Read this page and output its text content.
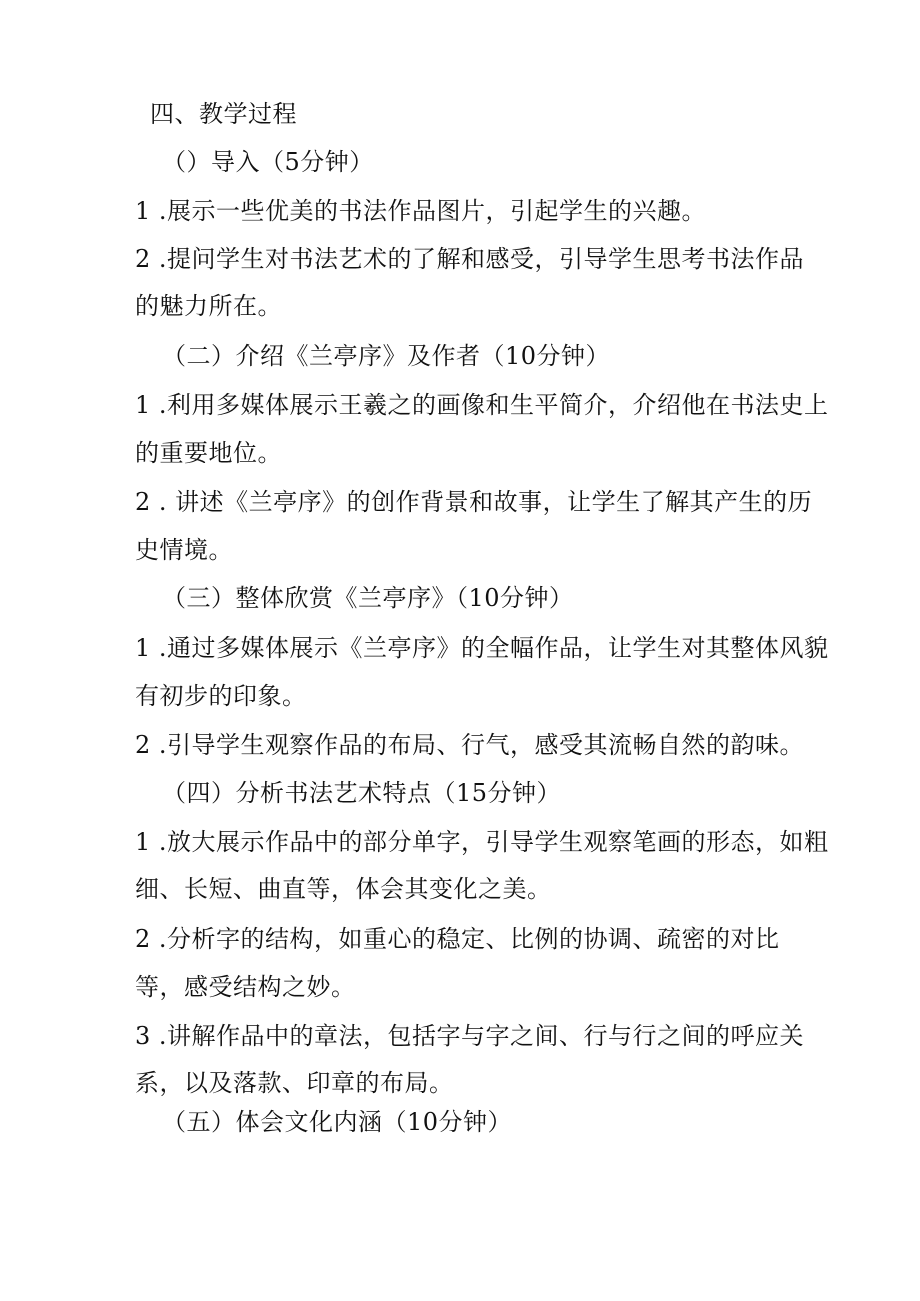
四、教学过程
（）导入（5分钟）
1 .展示一些优美的书法作品图片，引起学生的兴趣。
2 .提问学生对书法艺术的了解和感受，引导学生思考书法作品
的魅力所在。
（二）介绍《兰亭序》及作者（10分钟）
1 .利用多媒体展示王羲之的画像和生平简介，介绍他在书法史上
的重要地位。
2 . 讲述《兰亭序》的创作背景和故事，让学生了解其产生的历
史情境。
（三）整体欣赏《兰亭序》（10分钟）
1 .通过多媒体展示《兰亭序》的全幅作品，让学生对其整体风貌
有初步的印象。
2 .引导学生观察作品的布局、行气，感受其流畅自然的韵味。
（四）分析书法艺术特点（15分钟）
1 .放大展示作品中的部分单字，引导学生观察笔画的形态，如粗
细、长短、曲直等，体会其变化之美。
2 .分析字的结构，如重心的稳定、比例的协调、疏密的对比
等，感受结构之妙。
3 .讲解作品中的章法，包括字与字之间、行与行之间的呼应关
系，以及落款、印章的布局。
（五）体会文化内涵（10分钟）
